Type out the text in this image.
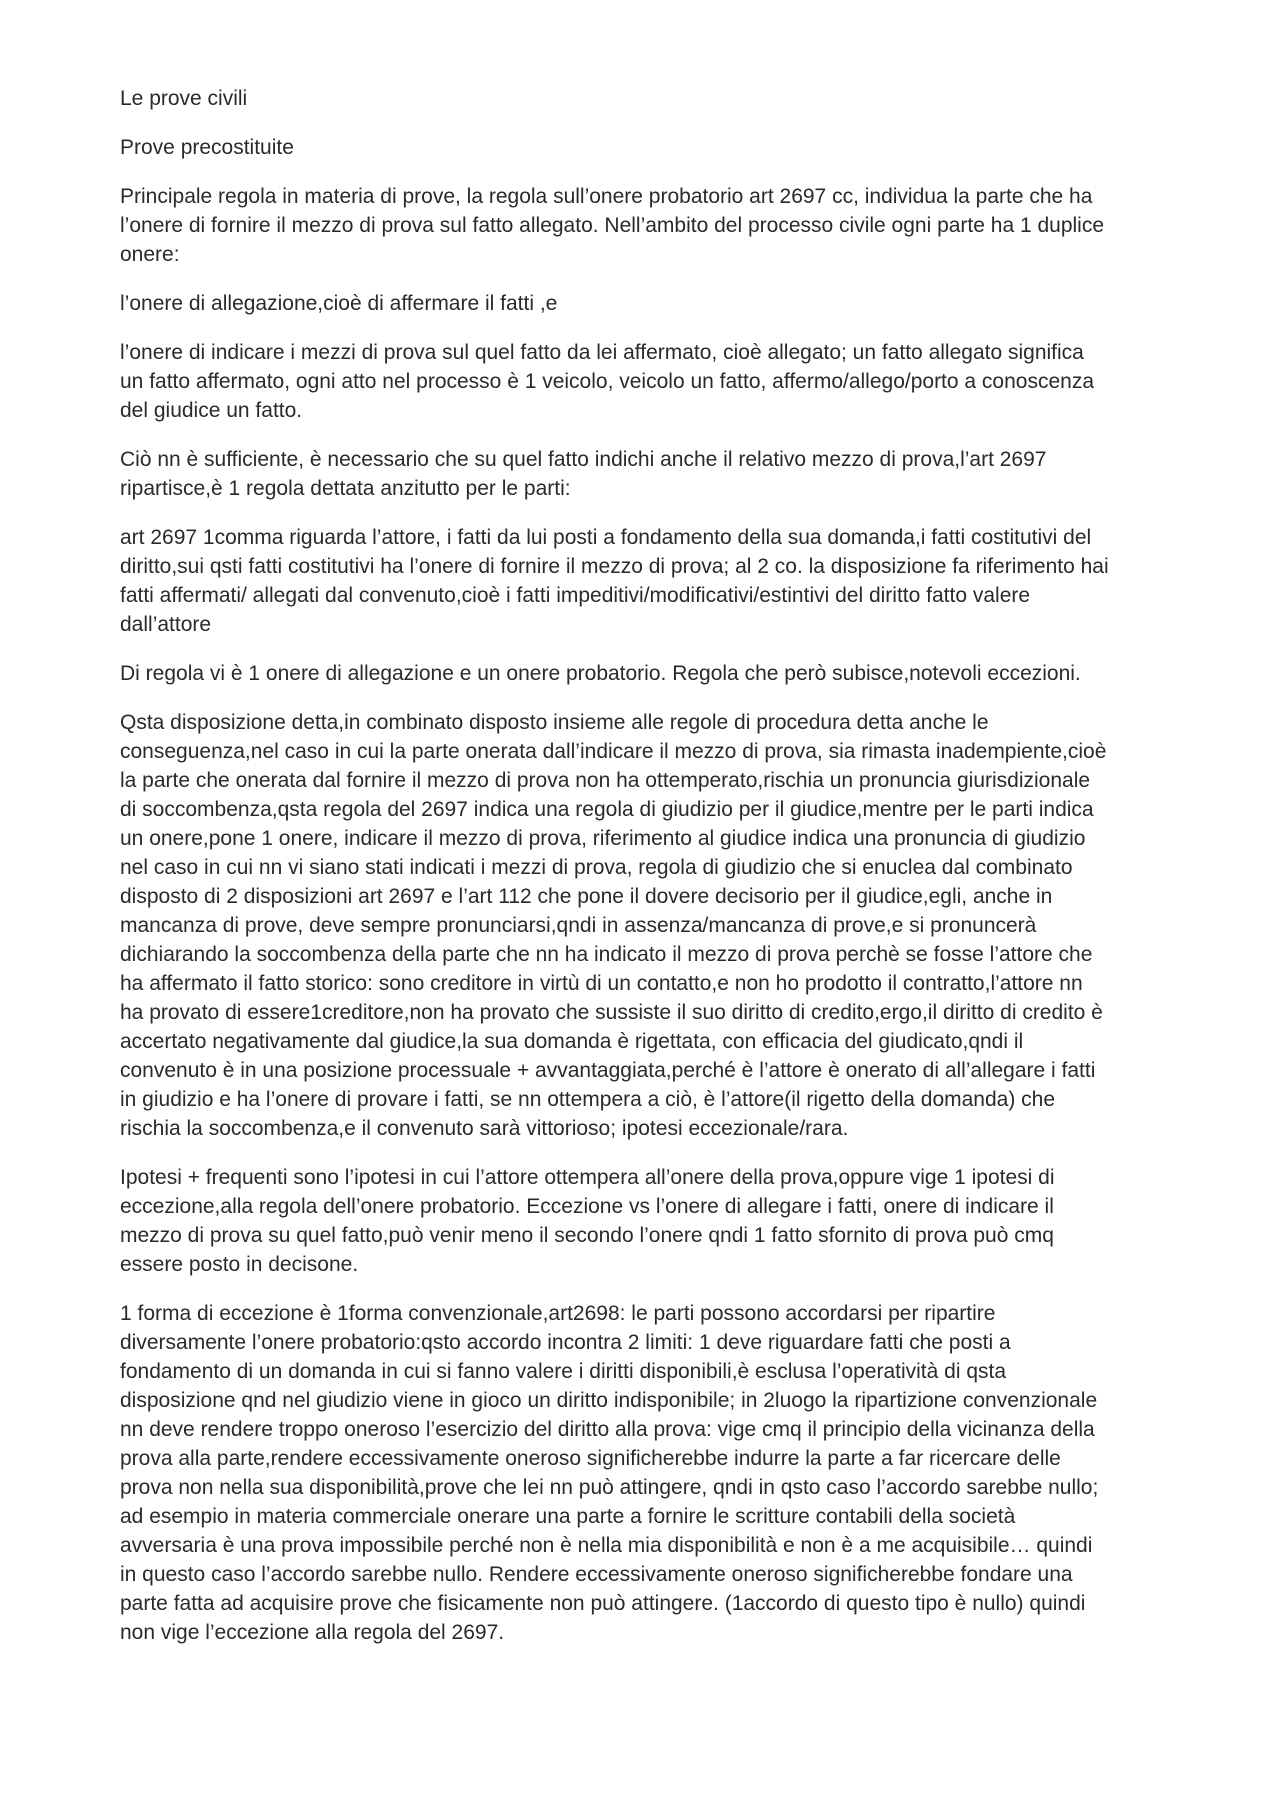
Le prove civili

Prove precostituite

Principale regola in materia di prove, la regola sull’onere probatorio art 2697 cc, individua la parte che ha
l’onere di fornire il mezzo di prova sul fatto allegato. Nell’ambito del processo civile ogni parte ha 1 duplice
onere:

l’onere di allegazione,cioè di affermare il fatti ,e

l’onere di indicare i mezzi di prova sul quel fatto da lei affermato, cioè allegato; un fatto allegato significa
un fatto affermato, ogni atto nel processo è 1 veicolo, veicolo un fatto, affermo/allego/porto a conoscenza
del giudice un fatto.

Ciò nn è sufficiente, è necessario che su quel fatto indichi anche il relativo mezzo di prova,l’art 2697
ripartisce,è 1 regola dettata anzitutto per le parti:

art 2697 1comma riguarda l’attore, i fatti da lui posti a fondamento della sua domanda,i fatti costitutivi del
diritto,sui qsti fatti costitutivi ha l’onere di fornire il mezzo di prova; al 2 co. la disposizione fa riferimento hai
fatti affermati/ allegati dal convenuto,cioè i fatti impeditivi/modificativi/estintivi del diritto fatto valere
dall’attore

Di regola vi è 1 onere di allegazione e un onere probatorio. Regola che però subisce,notevoli eccezioni.

Qsta disposizione detta,in combinato disposto insieme alle regole di procedura detta anche le
conseguenza,nel caso in cui la parte onerata dall’indicare il mezzo di prova, sia rimasta inadempiente,cioè
la parte che onerata dal fornire il mezzo di prova non ha ottemperato,rischia un pronuncia giurisdizionale
di soccombenza,qsta regola del 2697 indica una regola di giudizio per il giudice,mentre per le parti indica
un onere,pone 1 onere, indicare il mezzo di prova, riferimento al giudice indica una pronuncia di giudizio
nel caso in cui nn vi siano stati indicati i mezzi di prova, regola di giudizio che si enuclea dal combinato
disposto di 2 disposizioni art 2697 e l’art 112 che pone il dovere decisorio per il giudice,egli, anche in
mancanza di prove, deve sempre pronunciarsi,qndi in assenza/mancanza di prove,e si pronuncerà
dichiarando la soccombenza della parte che nn ha indicato il mezzo di prova perchè se fosse l’attore che
ha affermato il fatto storico: sono creditore in virtù di un contatto,e non ho prodotto il contratto,l’attore nn
ha provato di essere1creditore,non ha provato che sussiste il suo diritto di credito,ergo,il diritto di credito è
accertato negativamente dal giudice,la sua domanda è rigettata, con efficacia del giudicato,qndi il
convenuto è in una posizione processuale + avvantaggiata,perché è l’attore è onerato di all’allegare i fatti
in giudizio e ha l’onere di provare i fatti, se nn ottempera a ciò, è l’attore(il rigetto della domanda) che
rischia la soccombenza,e il convenuto sarà vittorioso; ipotesi eccezionale/rara.

Ipotesi + frequenti sono l’ipotesi in cui l’attore ottempera all’onere della prova,oppure vige 1 ipotesi di
eccezione,alla regola dell’onere probatorio. Eccezione vs l’onere di allegare i fatti, onere di indicare il
mezzo di prova su quel fatto,può venir meno il secondo l’onere qndi 1 fatto sfornito di prova può cmq
essere posto in decisone.

1 forma di eccezione è 1forma convenzionale,art2698: le parti possono accordarsi per ripartire
diversamente l’onere probatorio:qsto accordo incontra 2 limiti: 1 deve riguardare fatti che posti a
fondamento di un domanda in cui si fanno valere i diritti disponibili,è esclusa l’operatività di qsta
disposizione qnd nel giudizio viene in gioco un diritto indisponibile; in 2luogo la ripartizione convenzionale
nn deve rendere troppo oneroso l’esercizio del diritto alla prova: vige cmq il principio della vicinanza della
prova alla parte,rendere eccessivamente oneroso significherebbe indurre la parte a far ricercare delle
prova non nella sua disponibilità,prove che lei nn può attingere, qndi in qsto caso l’accordo sarebbe nullo;
ad esempio in materia commerciale onerare una parte a fornire le scritture contabili della società
avversaria è una prova impossibile perché non è nella mia disponibilità e non è a me acquisibile… quindi
in questo caso l’accordo sarebbe nullo. Rendere eccessivamente oneroso significherebbe fondare una
parte fatta ad acquisire prove che fisicamente non può attingere. (1accordo di questo tipo è nullo) quindi
non vige l’eccezione alla regola del 2697.
